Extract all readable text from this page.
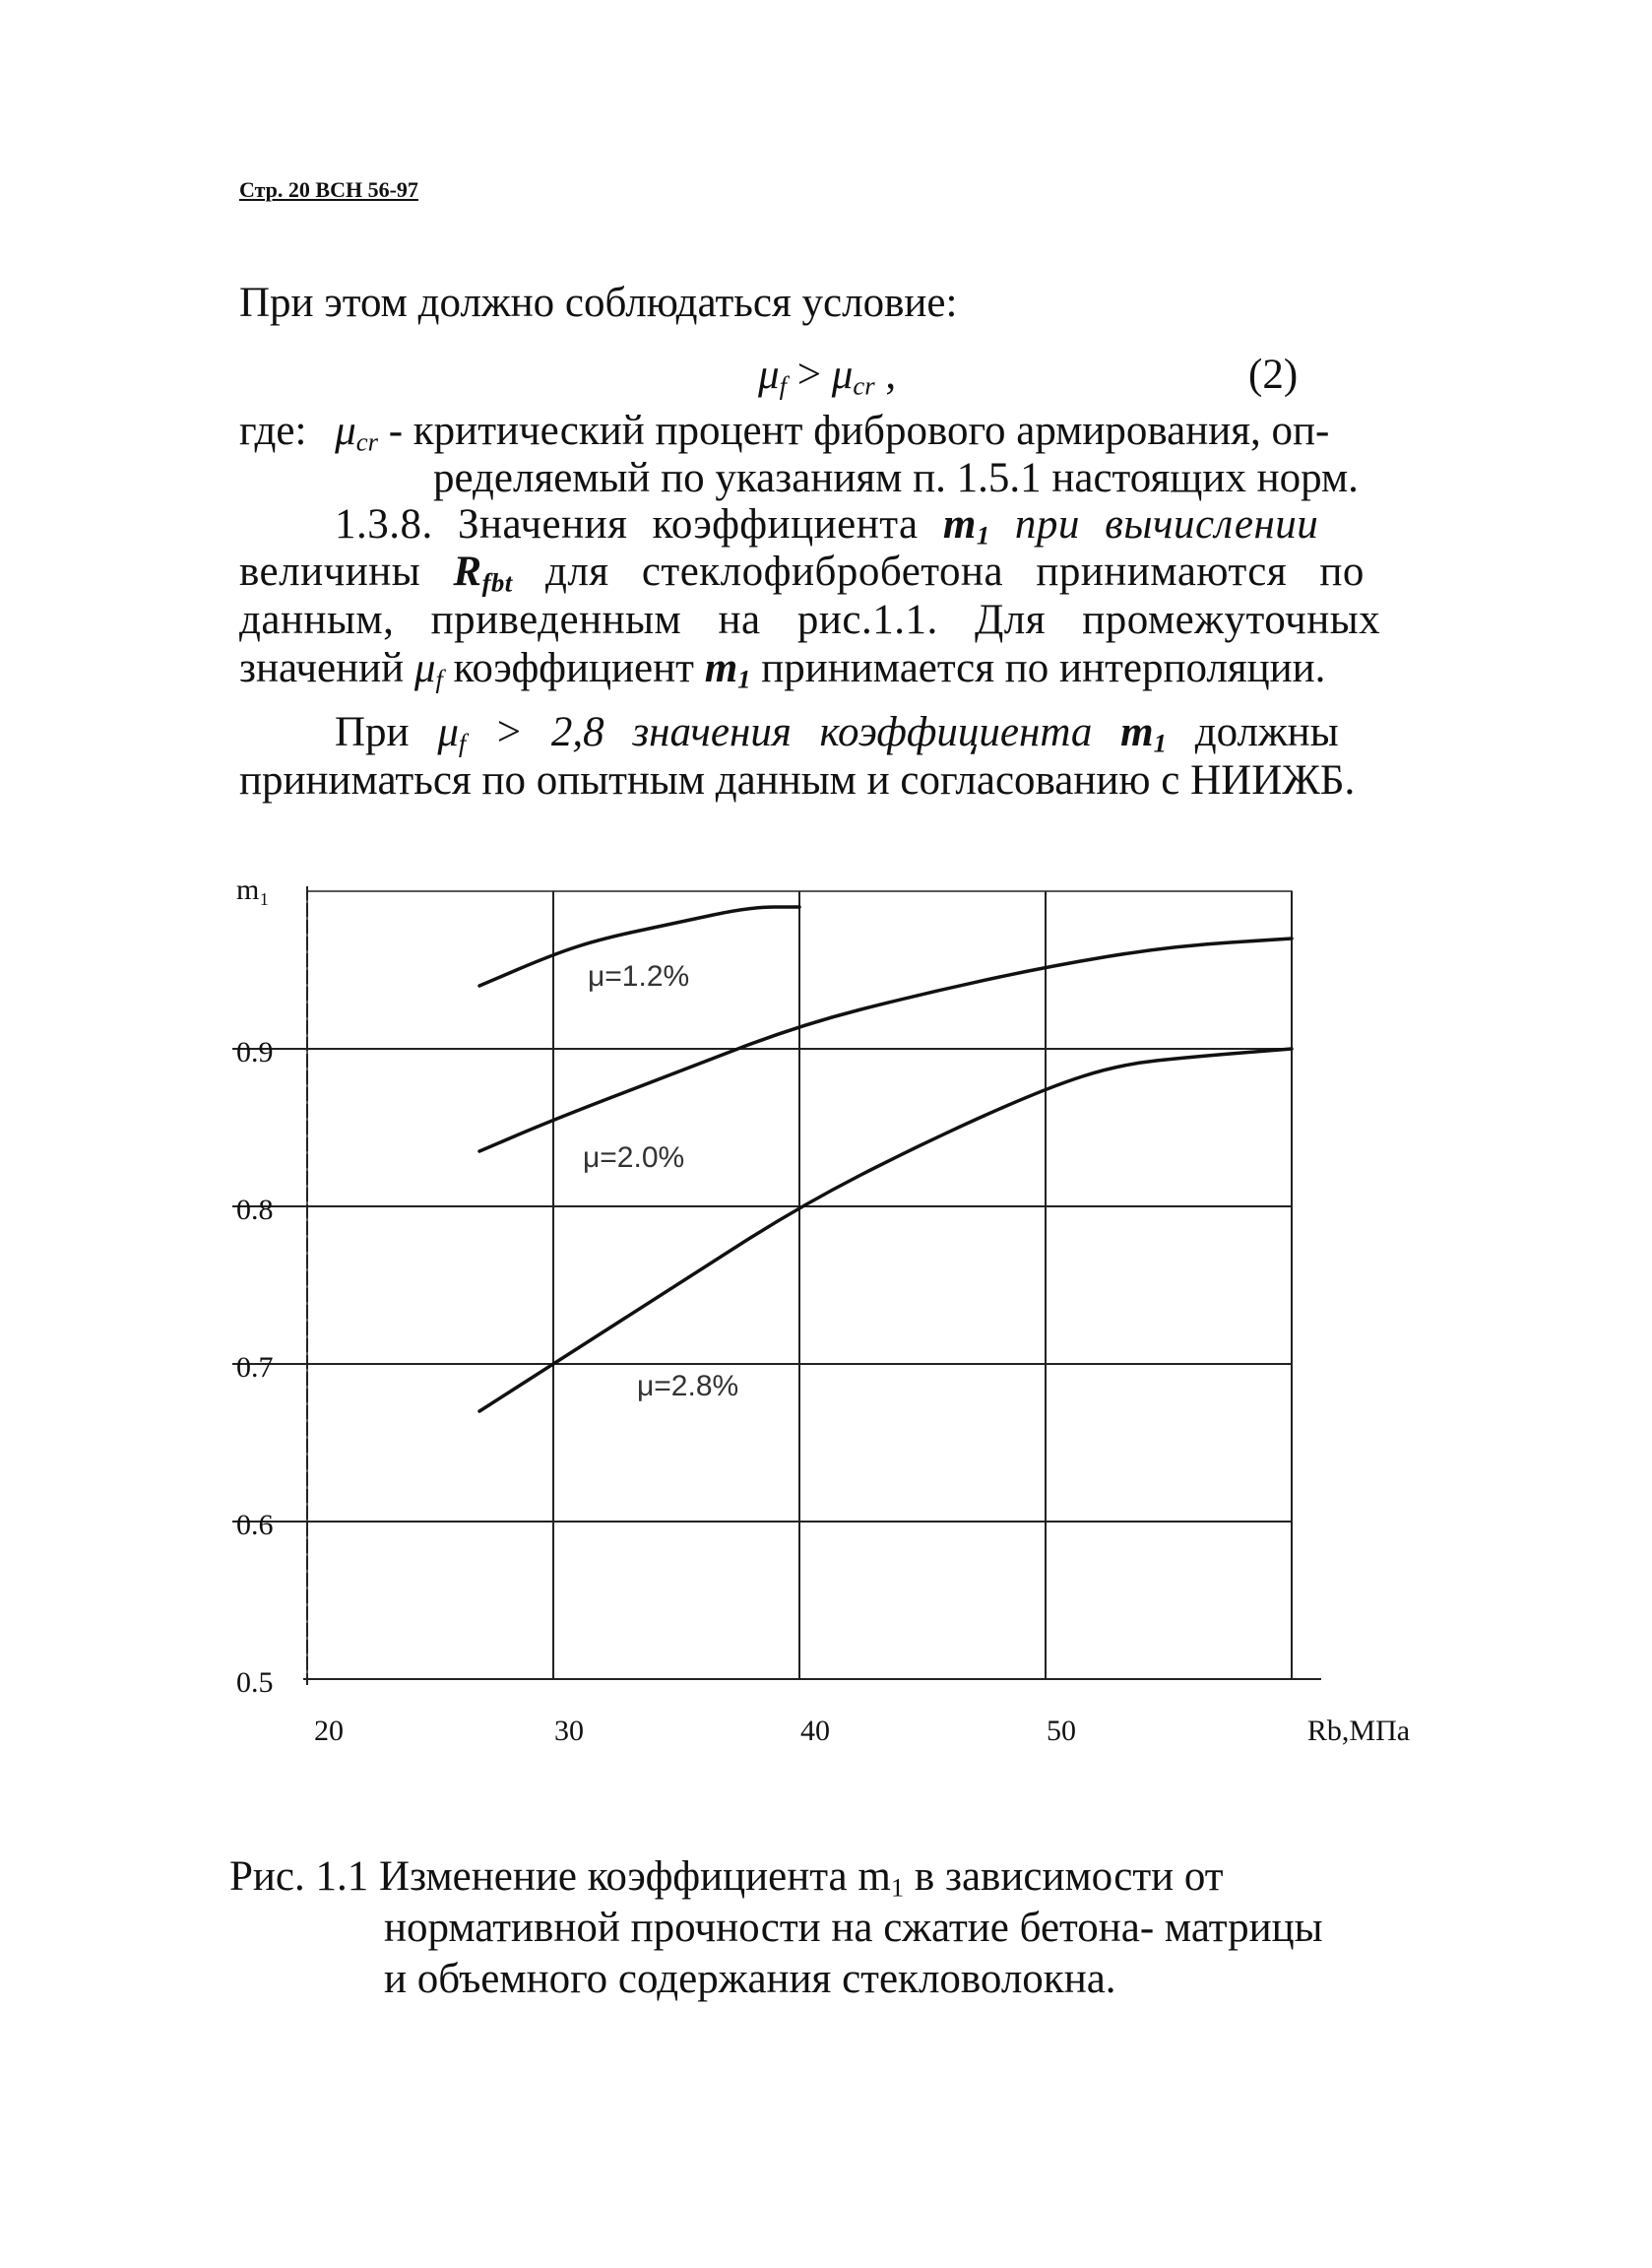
Стр. 20 ВСН 56-97
При этом должно соблюдаться условие:
$\mu_f > \mu_{cr}$ ,	(2)
где: $\mu_{cr}$ - критический процент фибрового армирования, оп-
ределяемый по указаниям п. 1.5.1 настоящих норм.
1.3.8. Значения коэффициента $m_1$ при вычислении
величины $R_{fbt}$ для стеклофибробетона принимаются по
данным, приведенным на рис.1.1. Для промежуточных
значений $\mu_f$ коэффициент $m_1$ принимается по интерполяции.
При $\mu_f > 2,8$ значения коэффициента $m_1$ должны
приниматься по опытным данным и согласованию с НИИЖБ.
20	30	40	50	Rb,МПа
0.5
0.6
0.7
0.8
0.9
m₁
μ=1.2%
μ=2.0%
μ=2.8%
Рис. 1.1 Изменение коэффициента $m_1$ в зависимости от
нормативной прочности на сжатие бетона- матрицы
и объемного содержания стекловолокна.
